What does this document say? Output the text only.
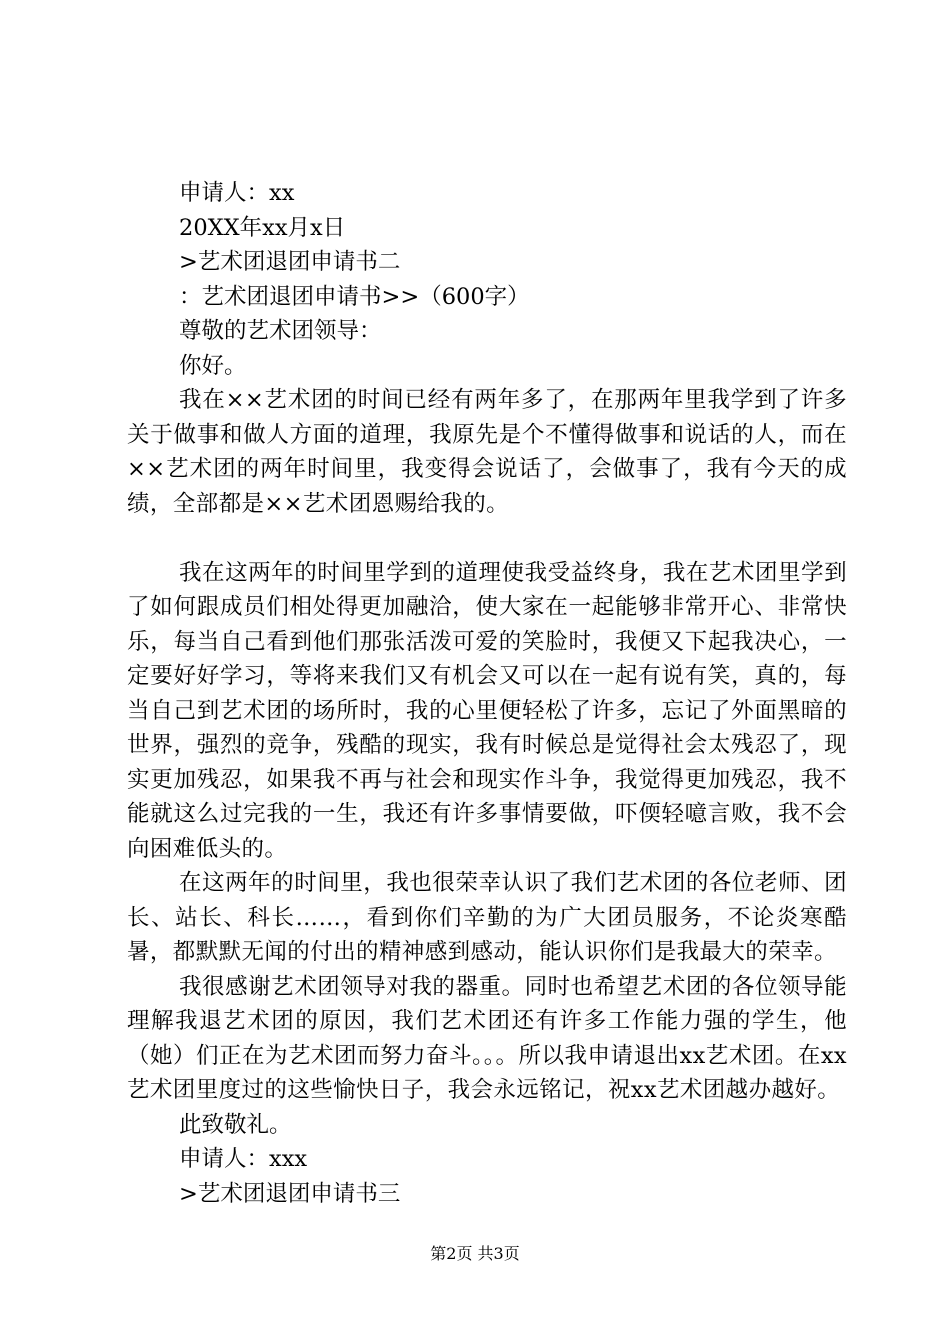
申请人：xx

20XX年xx月x日

>艺术团退团申请书二

：艺术团退团申请书>>（600字）

尊敬的艺术团领导：

你好。

我在××艺术团的时间已经有两年多了，在那两年里我学到了许多关于做事和做人方面的道理，我原先是个不懂得做事和说话的人，而在××艺术团的两年时间里，我变得会说话了，会做事了，我有今天的成绩，全部都是××艺术团恩赐给我的。

我在这两年的时间里学到的道理使我受益终身，我在艺术团里学到了如何跟成员们相处得更加融洽，使大家在一起能够非常开心、非常快乐，每当自己看到他们那张活泼可爱的笑脸时，我便又下起我决心，一定要好好学习，等将来我们又有机会又可以在一起有说有笑，真的，每当自己到艺术团的场所时，我的心里便轻松了许多，忘记了外面黑暗的世界，强烈的竞争，残酷的现实，我有时候总是觉得社会太残忍了，现实更加残忍，如果我不再与社会和现实作斗争，我觉得更加残忍，我不能就这么过完我的一生，我还有许多事情要做，吓偄轻噫言败，我不会向困难低头的。

在这两年的时间里，我也很荣幸认识了我们艺术团的各位老师、团长、站长、科长……，看到你们辛勤的为广大团员服务，不论炎寒酷暑，都默默无闻的付出的精神感到感动，能认识你们是我最大的荣幸。

我很感谢艺术团领导对我的器重。同时也希望艺术团的各位领导能理解我退艺术团的原因，我们艺术团还有许多工作能力强的学生，他（她）们正在为艺术团而努力奋斗。。。所以我申请退出xx艺术团。在xx艺术团里度过的这些愉快日子，我会永远铭记，祝xx艺术团越办越好。

此致敬礼。

申请人：xxx

>艺术团退团申请书三

第2页 共3页
